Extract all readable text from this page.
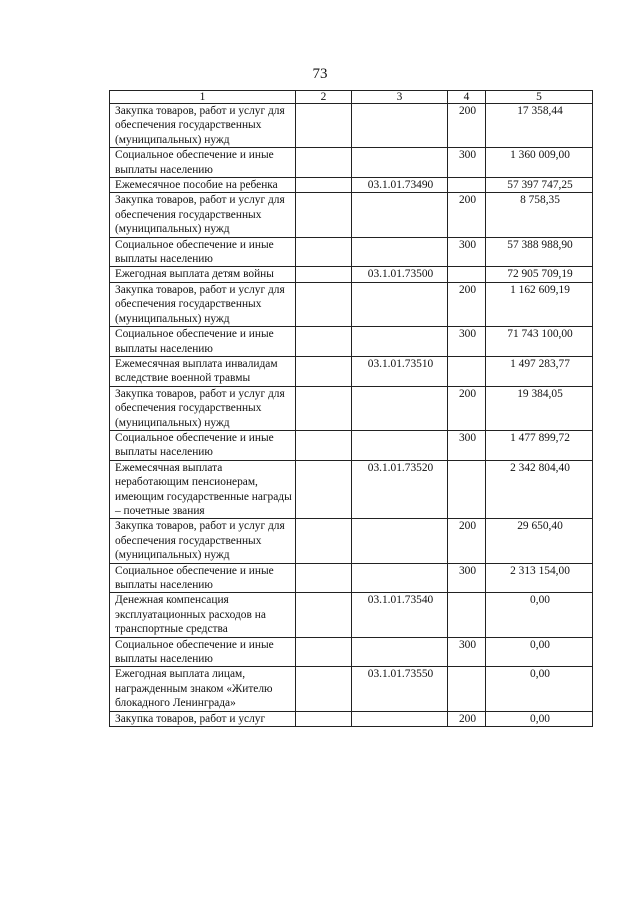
73
1	2	3	4	5
Закупка товаров, работ и услуг для обеспечения государственных (муниципальных) нужд			200	17 358,44
Социальное обеспечение и иные выплаты населению			300	1 360 009,00
Ежемесячное пособие на ребенка		03.1.01.73490		57 397 747,25
Закупка товаров, работ и услуг для обеспечения государственных (муниципальных) нужд			200	8 758,35
Социальное обеспечение и иные выплаты населению			300	57 388 988,90
Ежегодная выплата детям войны		03.1.01.73500		72 905 709,19
Закупка товаров, работ и услуг для обеспечения государственных (муниципальных) нужд			200	1 162 609,19
Социальное обеспечение и иные выплаты населению			300	71 743 100,00
Ежемесячная выплата инвалидам вследствие военной травмы		03.1.01.73510		1 497 283,77
Закупка товаров, работ и услуг для обеспечения государственных (муниципальных) нужд			200	19 384,05
Социальное обеспечение и иные выплаты населению			300	1 477 899,72
Ежемесячная выплата неработающим пенсионерам, имеющим государственные награды – почетные звания		03.1.01.73520		2 342 804,40
Закупка товаров, работ и услуг для обеспечения государственных (муниципальных) нужд			200	29 650,40
Социальное обеспечение и иные выплаты населению			300	2 313 154,00
Денежная компенсация эксплуатационных расходов на транспортные средства		03.1.01.73540		0,00
Социальное обеспечение и иные выплаты населению			300	0,00
Ежегодная выплата лицам, награжденным знаком «Жителю блокадного Ленинграда»		03.1.01.73550		0,00
Закупка товаров, работ и услуг			200	0,00
